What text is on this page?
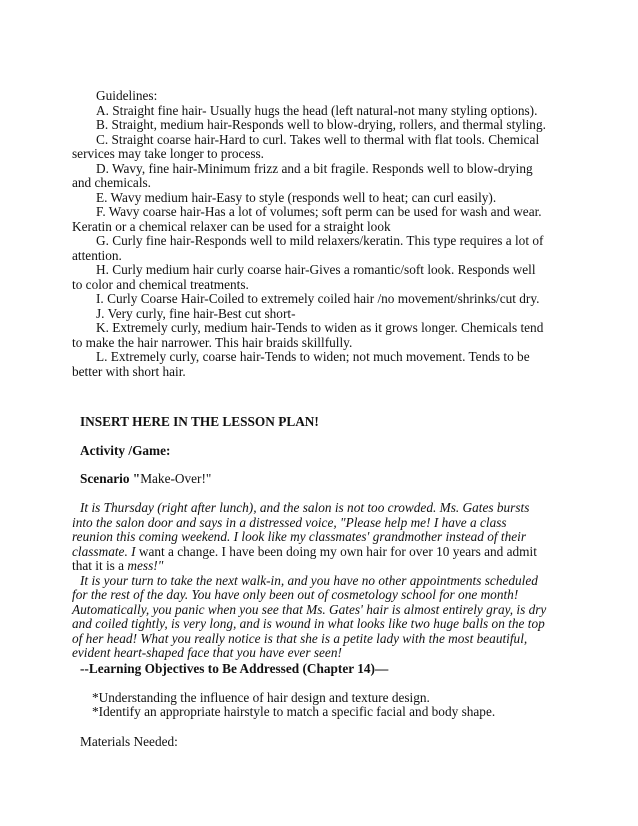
Guidelines:

A. Straight fine hair- Usually hugs the head (left natural-not many styling options).

B. Straight, medium hair-Responds well to blow-drying, rollers, and thermal styling.

C. Straight coarse hair-Hard to curl. Takes well to thermal with flat tools. Chemical services may take longer to process.

D. Wavy, fine hair-Minimum frizz and a bit fragile. Responds well to blow-drying and chemicals.

E. Wavy medium hair-Easy to style (responds well to heat; can curl easily).

F. Wavy coarse hair-Has a lot of volumes; soft perm can be used for wash and wear. Keratin or a chemical relaxer can be used for a straight look

G. Curly fine hair-Responds well to mild relaxers/keratin. This type requires a lot of attention.

H. Curly medium hair curly coarse hair-Gives a romantic/soft look. Responds well to color and chemical treatments.

I. Curly Coarse Hair-Coiled to extremely coiled hair /no movement/shrinks/cut dry.

J. Very curly, fine hair-Best cut short-

K. Extremely curly, medium hair-Tends to widen as it grows longer. Chemicals tend to make the hair narrower. This hair braids skillfully.

L. Extremely curly, coarse hair-Tends to widen; not much movement. Tends to be better with short hair.

INSERT HERE IN THE LESSON PLAN!

Activity /Game:

Scenario "Make-Over!"

It is Thursday (right after lunch), and the salon is not too crowded. Ms. Gates bursts into the salon door and says in a distressed voice, "Please help me! I have a class reunion this coming weekend. I look like my classmates' grandmother instead of their classmate. I want a change. I have been doing my own hair for over 10 years and admit that it is a mess!"

It is your turn to take the next walk-in, and you have no other appointments scheduled for the rest of the day. You have only been out of cosmetology school for one month! Automatically, you panic when you see that Ms. Gates' hair is almost entirely gray, is dry and coiled tightly, is very long, and is wound in what looks like two huge balls on the top of her head! What you really notice is that she is a petite lady with the most beautiful, evident heart-shaped face that you have ever seen!

--Learning Objectives to Be Addressed (Chapter 14)—

*Understanding the influence of hair design and texture design.

*Identify an appropriate hairstyle to match a specific facial and body shape.

Materials Needed:
